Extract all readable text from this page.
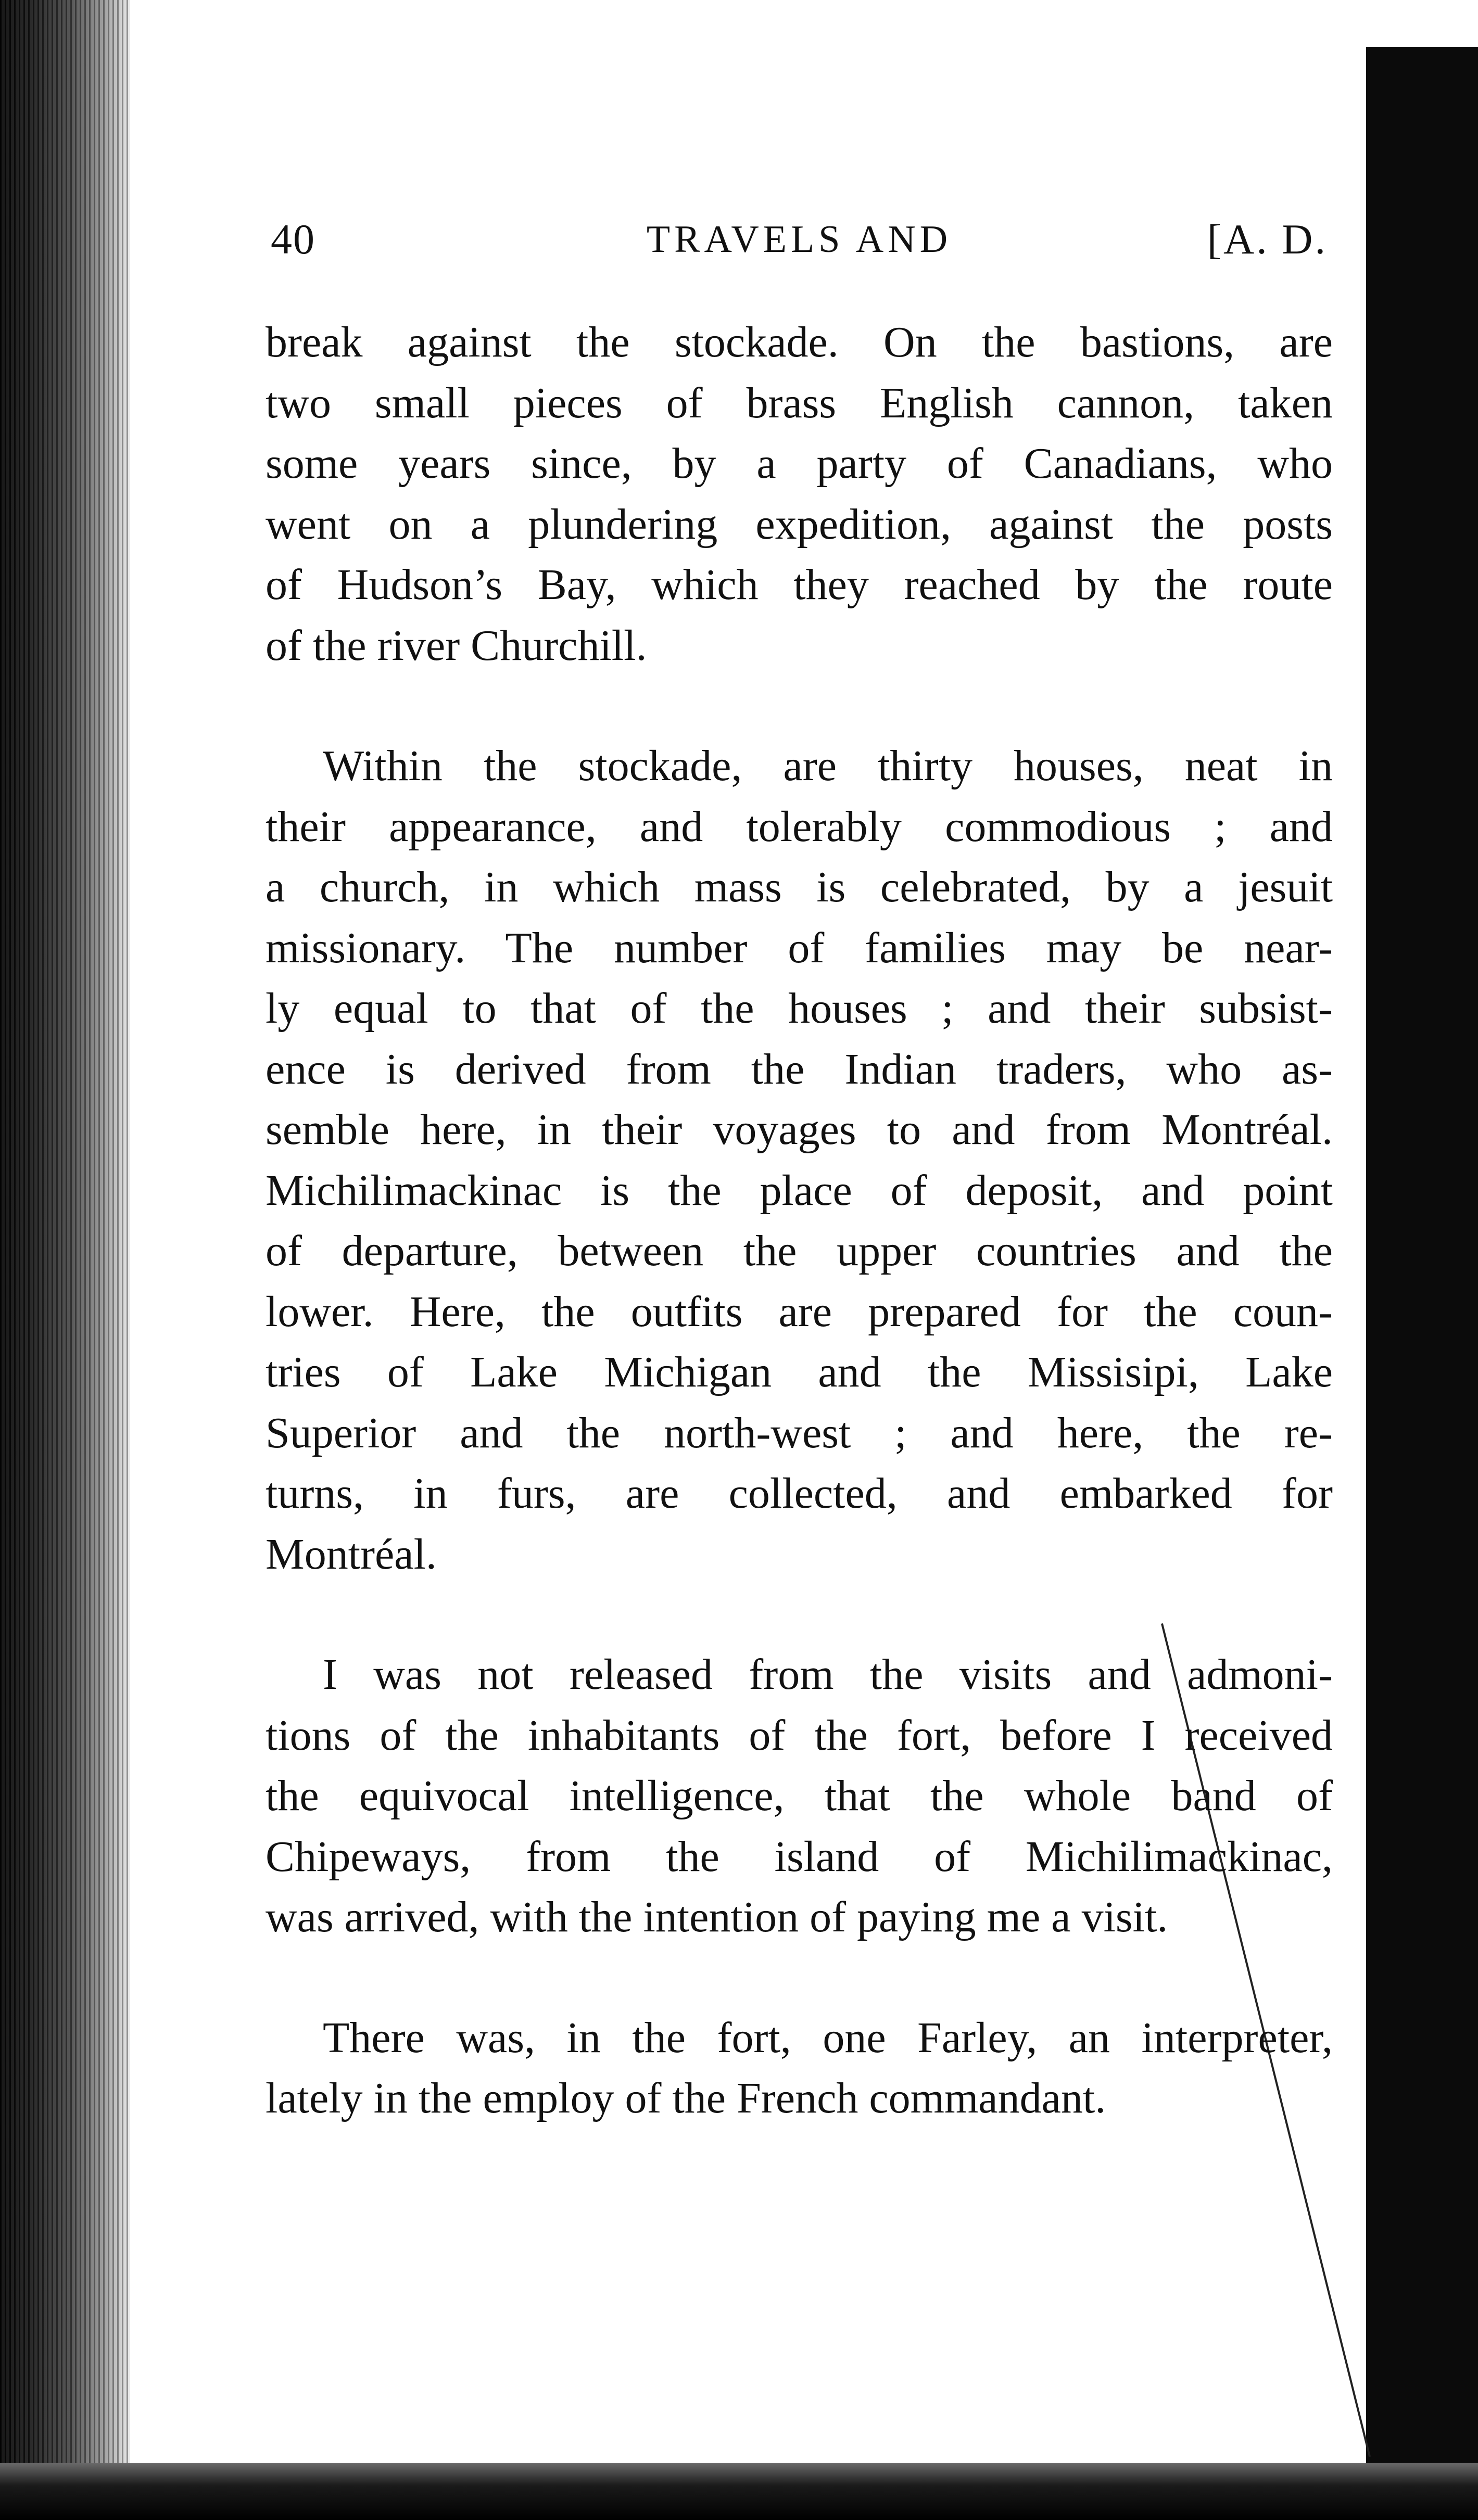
40	TRAVELS AND	[A. D.
break against the stockade. On the bastions, are
two small pieces of brass English cannon, taken
some years since, by a party of Canadians, who
went on a plundering expedition, against the posts
of Hudson’s Bay, which they reached by the route
of the river Churchill.
Within the stockade, are thirty houses, neat in
their appearance, and tolerably commodious ; and
a church, in which mass is celebrated, by a jesuit
missionary. The number of families may be near-
ly equal to that of the houses ; and their subsist-
ence is derived from the Indian traders, who as-
semble here, in their voyages to and from Montréal.
Michilimackinac is the place of deposit, and point
of departure, between the upper countries and the
lower. Here, the outfits are prepared for the coun-
tries of Lake Michigan and the Missisipi, Lake
Superior and the north-west ; and here, the re-
turns, in furs, are collected, and embarked for
Montréal.
I was not released from the visits and admoni-
tions of the inhabitants of the fort, before I received
the equivocal intelligence, that the whole band of
Chipeways, from the island of Michilimackinac,
was arrived, with the intention of paying me a visit.
There was, in the fort, one Farley, an interpreter,
lately in the employ of the French commandant.
